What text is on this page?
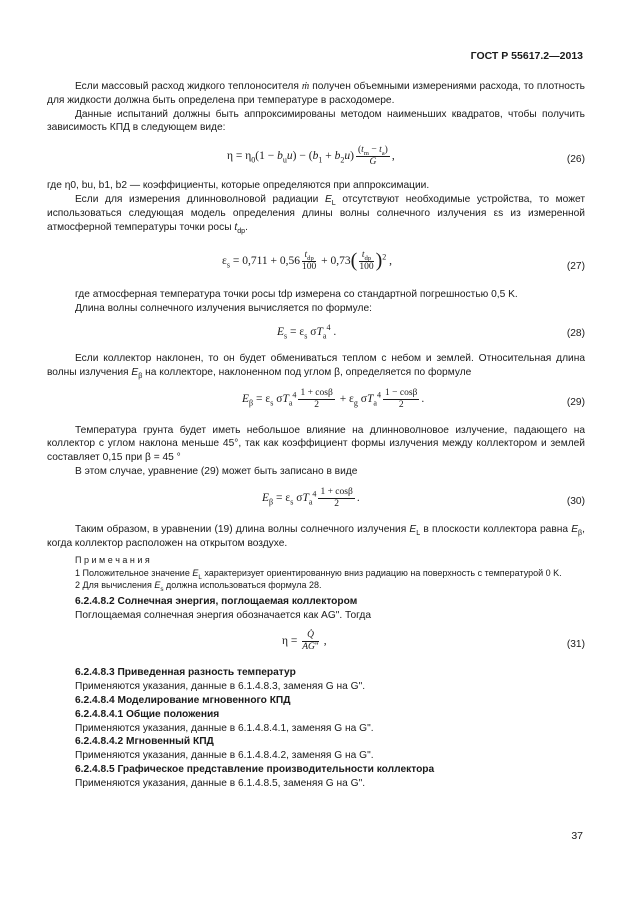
ГОСТ Р 55617.2—2013

Если массовый расход жидкого теплоносителя ṁ получен объемными измерениями расхода, то плотность для жидкости должна быть определена при температуре в расходомере.

Данные испытаний должны быть аппроксимированы методом наименьших квадратов, чтобы получить зависимость КПД в следующем виде:

$\eta = \eta_0(1 - b_uu) - (b_1 + b_2u) \frac{(t_m - t_a)}{G}$ ,	(26)

где η0, bu, b1, b2 — коэффициенты, которые определяются при аппроксимации.

Если для измерения длинноволновой радиации $E_L$ отсутствуют необходимые устройства, то может использоваться следующая модель определения длины волны солнечного излучения εs из измеренной атмосферной температуры точки росы $t_{dp}$.

$\varepsilon_s = 0,711 + 0,56$
$t_{dp}$
100 + 0,73( $t_{dp}$
100 )$^2$ ,	(27)

где атмосферная температура точки росы tdp измерена со стандартной погрешностью 0,5 K.

Длина волны солнечного излучения вычисляется по формуле:

$E_s = \varepsilon_s$ $\sigma T_a^4$ .	(28)

Если коллектор наклонен, то он будет обмениваться теплом с небом и землей. Относительная длина волны излучения $E_\beta$ на коллекторе, наклоненном под углом β, определяется по формуле

$E_\beta = \varepsilon_s$ $\sigma T_a^4 \frac{1 + \cos\beta}{2} + \varepsilon_g$ $\sigma T_a^4 \frac{1 - \cos\beta}{2}$ .	(29)

Температура грунта будет иметь небольшое влияние на длинноволновое излучение, падающего на коллектор с углом наклона меньше 45°, так как коэффициент формы излучения между коллектором и землей составляет 0,15 при β = 45 °

В этом случае, уравнение (29) может быть записано в виде

$E_\beta = \varepsilon_s$ $\sigma T_a^4 \frac{1 + \cos\beta}{2}$ .	(30)

Таким образом, в уравнении (19) длина волны солнечного излучения $E_L$ в плоскости коллектора равна $E_\beta$, когда коллектор расположен на открытом воздухе.

П р и м е ч а н и я

1 Положительное значение $E_L$ характеризует ориентированную вниз радиацию на поверхность с температурой 0 K.

2 Для вычисления $E_s$ должна использоваться формула 28.

6.2.4.8.2 Солнечная энергия, поглощаемая коллектором

Поглощаемая солнечная энергия обозначается как AG". Тогда

$\eta = \frac{Q̇}{AG"}$ ,	(31)

6.2.4.8.3 Приведенная разность температур

Применяются указания, данные в 6.1.4.8.3, заменяя G на G".

6.2.4.8.4 Моделирование мгновенного КПД

6.2.4.8.4.1 Общие положения

Применяются указания, данные в 6.1.4.8.4.1, заменяя G на G".

6.2.4.8.4.2 Мгновенный КПД

Применяются указания, данные в 6.1.4.8.4.2, заменяя G на G".

6.2.4.8.5 Графическое представление производительности коллектора

Применяются указания, данные в 6.1.4.8.5, заменяя G на G".

37
